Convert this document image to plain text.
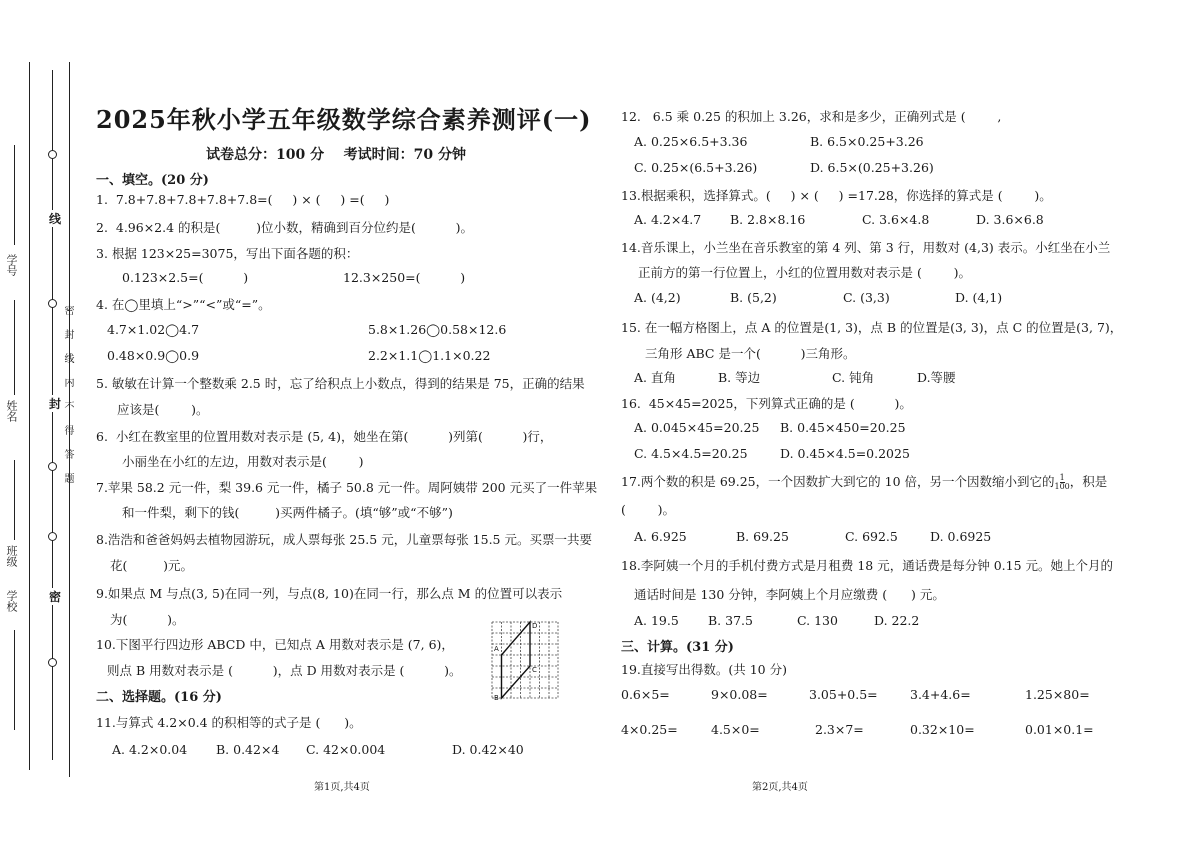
线
封
密
密封线内不得答题
学号
姓名
班级
学校
2025年秋小学五年级数学综合素养测评(一)
试卷总分：100 分    考试时间：70 分钟
一、填空。(20 分)
1.  7.8+7.8+7.8+7.8+7.8=(     ) × (     ) =(     )
2.  4.96×2.4 的积是(         )位小数，精确到百分位约是(          )。
3. 根据 123×25=3075，写出下面各题的积：
0.123×2.5=(          )	12.3×250=(          )
4. 在◯里填上“>”“<”或“=”。
4.7×1.02◯4.7	5.8×1.26◯0.58×12.6
0.48×0.9◯0.9	2.2×1.1◯1.1×0.22
5. 敏敏在计算一个整数乘 2.5 时，忘了给积点上小数点，得到的结果是 75，正确的结果
应该是(        )。
6.  小红在教室里的位置用数对表示是 (5, 4)，她坐在第(          )列第(          )行，
小丽坐在小红的左边，用数对表示是(        )
7.苹果 58.2 元一件，梨 39.6 元一件，橘子 50.8 元一件。周阿姨带 200 元买了一件苹果
和一件梨，剩下的钱(         )买两件橘子。(填“够”或“不够”)
8.浩浩和爸爸妈妈去植物园游玩，成人票每张 25.5 元，儿童票每张 15.5 元。买票一共要
花(         )元。
9.如果点 M 与点(3, 5)在同一列，与点(8, 10)在同一行，那么点 M 的位置可以表示
为(          )。
10.下图平行四边形 ABCD 中，已知点 A 用数对表示是 (7, 6)，
则点 B 用数对表示是 (          )，点 D 用数对表示是 (          )。
A
D
C
B
二、选择题。(16 分)
11.与算式 4.2×0.4 的积相等的式子是 (      )。
A. 4.2×0.04 B. 0.42×4 C. 42×0.004	D. 0.42×40
第1页,共4页
12.   6.5 乘 0.25 的积加上 3.26，求和是多少，正确列式是 (        ,
A. 0.25×6.5+3.36	B. 6.5×0.25+3.26
C. 0.25×(6.5+3.26)	D. 6.5×(0.25+3.26)
13.根据乘积，选择算式。(     ) × (     ) =17.28，你选择的算式是 (        )。
A. 4.2×4.7 B. 2.8×8.16	C. 3.6×4.8	D. 3.6×6.8
14.音乐课上，小兰坐在音乐教室的第 4 列、第 3 行，用数对 (4,3) 表示。小红坐在小兰
正前方的第一行位置上，小红的位置用数对表示是 (        )。
A. (4,2)	B. (5,2)	C. (3,3)	D. (4,1)
15. 在一幅方格图上，点 A 的位置是(1, 3)，点 B 的位置是(3, 3)，点 C 的位置是(3, 7)，
三角形 ABC 是一个(          )三角形。
A. 直角	B. 等边	C. 钝角	D.等腰
16.  45×45=2025，下列算式正确的是 (          )。
A. 0.045×45=20.25 B. 0.45×450=20.25
C. 4.5×4.5=20.25	D. 0.45×4.5=0.2025
17.两个数的积是 69.25，一个因数扩大到它的 10 倍，另一个因数缩小到它的 $\frac{1}{100}$ ，积是
(        )。
A. 6.925	B. 69.25	C. 692.5	D. 0.6925
18.李阿姨一个月的手机付费方式是月租费 18 元，通话费是每分钟 0.15 元。她上个月的
通话时间是 130 分钟，李阿姨上个月应缴费 (      ) 元。
A. 19.5 B. 37.5	C. 130	D. 22.2
三、计算。(31 分)
19.直接写出得数。(共 10 分)
0.6×5=	9×0.08=	3.05+0.5=	3.4+4.6=	1.25×80=
4×0.25=	4.5×0=	2.3×7=	0.32×10=	0.01×0.1=
第2页,共4页
